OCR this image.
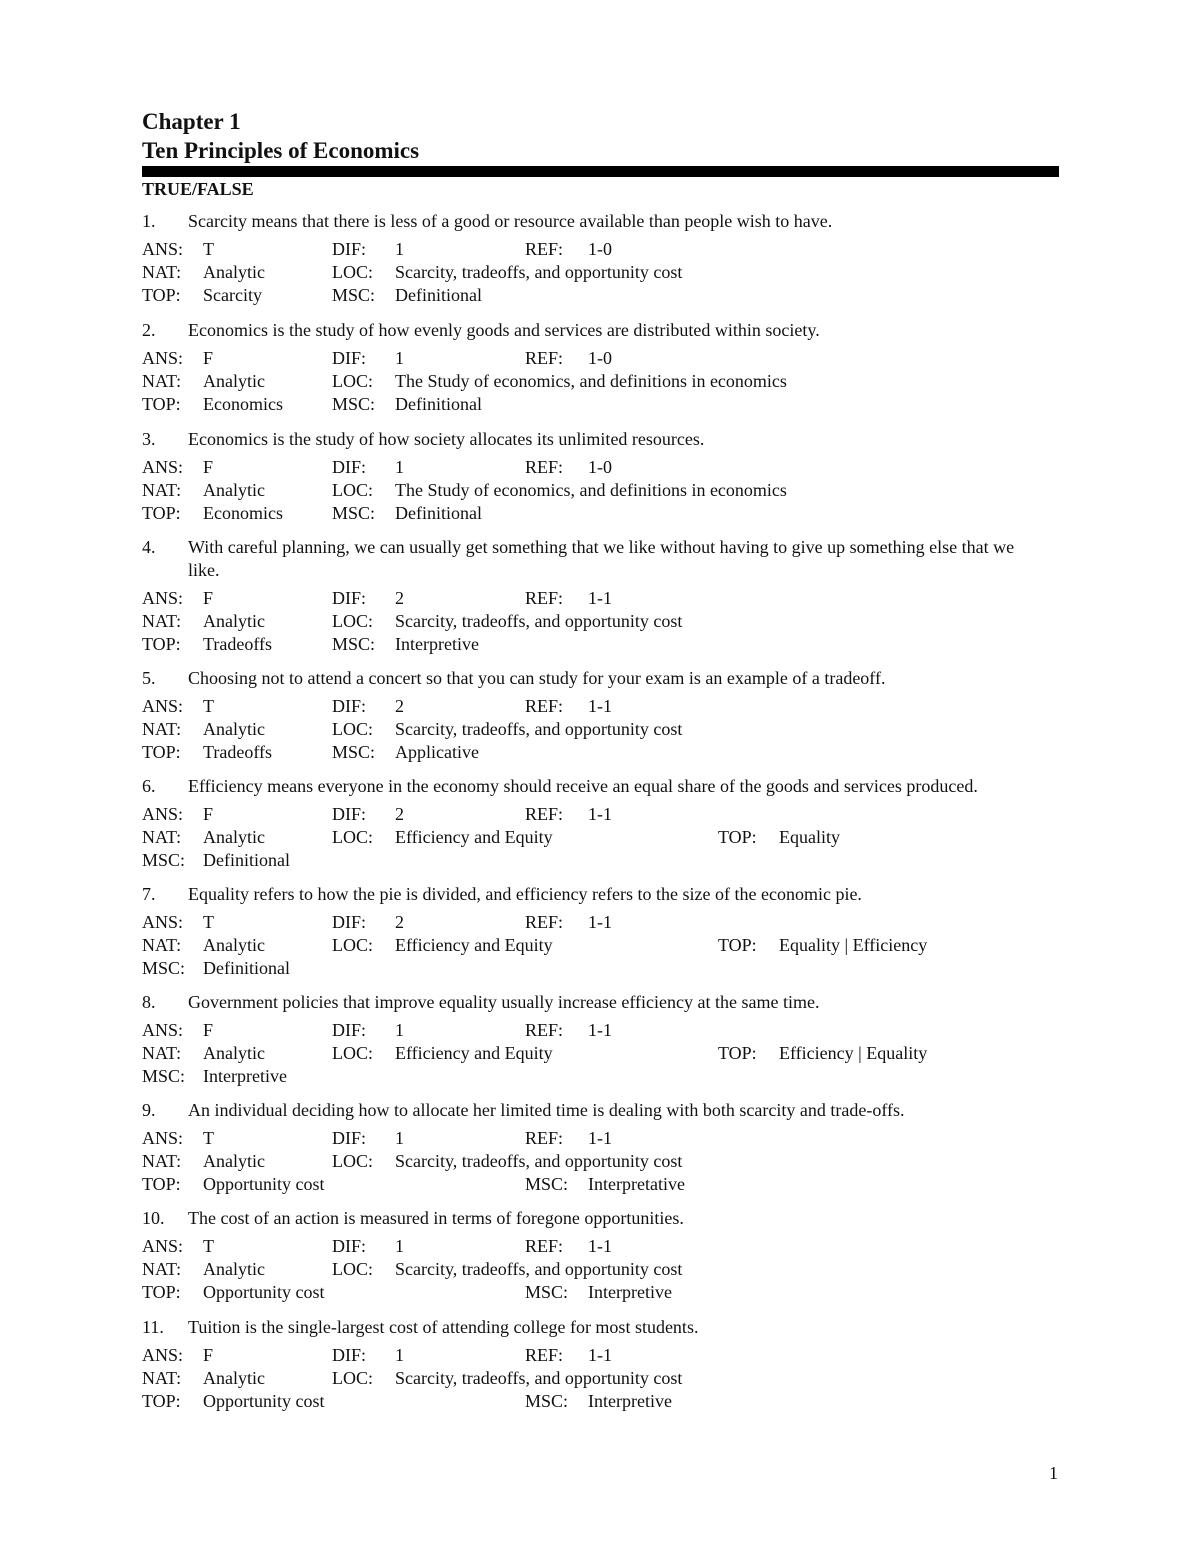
Chapter 1
Ten Principles of Economics
TRUE/FALSE
1. Scarcity means that there is less of a good or resource available than people wish to have.
ANS: T	DIF: 1	REF: 1-0
NAT: Analytic	LOC: Scarcity, tradeoffs, and opportunity cost
TOP: Scarcity	MSC: Definitional
2. Economics is the study of how evenly goods and services are distributed within society.
ANS: F	DIF: 1	REF: 1-0
NAT: Analytic	LOC: The Study of economics, and definitions in economics
TOP: Economics	MSC: Definitional
3. Economics is the study of how society allocates its unlimited resources.
ANS: F	DIF: 1	REF: 1-0
NAT: Analytic	LOC: The Study of economics, and definitions in economics
TOP: Economics	MSC: Definitional
4. With careful planning, we can usually get something that we like without having to give up something else that we like.
ANS: F	DIF: 2	REF: 1-1
NAT: Analytic	LOC: Scarcity, tradeoffs, and opportunity cost
TOP: Tradeoffs	MSC: Interpretive
5. Choosing not to attend a concert so that you can study for your exam is an example of a tradeoff.
ANS: T	DIF: 2	REF: 1-1
NAT: Analytic	LOC: Scarcity, tradeoffs, and opportunity cost
TOP: Tradeoffs	MSC: Applicative
6. Efficiency means everyone in the economy should receive an equal share of the goods and services produced.
ANS: F	DIF: 2	REF: 1-1
NAT: Analytic	LOC: Efficiency and Equity	TOP: Equality
MSC: Definitional
7. Equality refers to how the pie is divided, and efficiency refers to the size of the economic pie.
ANS: T	DIF: 2	REF: 1-1
NAT: Analytic	LOC: Efficiency and Equity	TOP: Equality | Efficiency
MSC: Definitional
8. Government policies that improve equality usually increase efficiency at the same time.
ANS: F	DIF: 1	REF: 1-1
NAT: Analytic	LOC: Efficiency and Equity	TOP: Efficiency | Equality
MSC: Interpretive
9. An individual deciding how to allocate her limited time is dealing with both scarcity and trade-offs.
ANS: T	DIF: 1	REF: 1-1
NAT: Analytic	LOC: Scarcity, tradeoffs, and opportunity cost
TOP: Opportunity cost	MSC: Interpretative
10. The cost of an action is measured in terms of foregone opportunities.
ANS: T	DIF: 1	REF: 1-1
NAT: Analytic	LOC: Scarcity, tradeoffs, and opportunity cost
TOP: Opportunity cost	MSC: Interpretive
11. Tuition is the single-largest cost of attending college for most students.
ANS: F	DIF: 1	REF: 1-1
NAT: Analytic	LOC: Scarcity, tradeoffs, and opportunity cost
TOP: Opportunity cost	MSC: Interpretive
1
